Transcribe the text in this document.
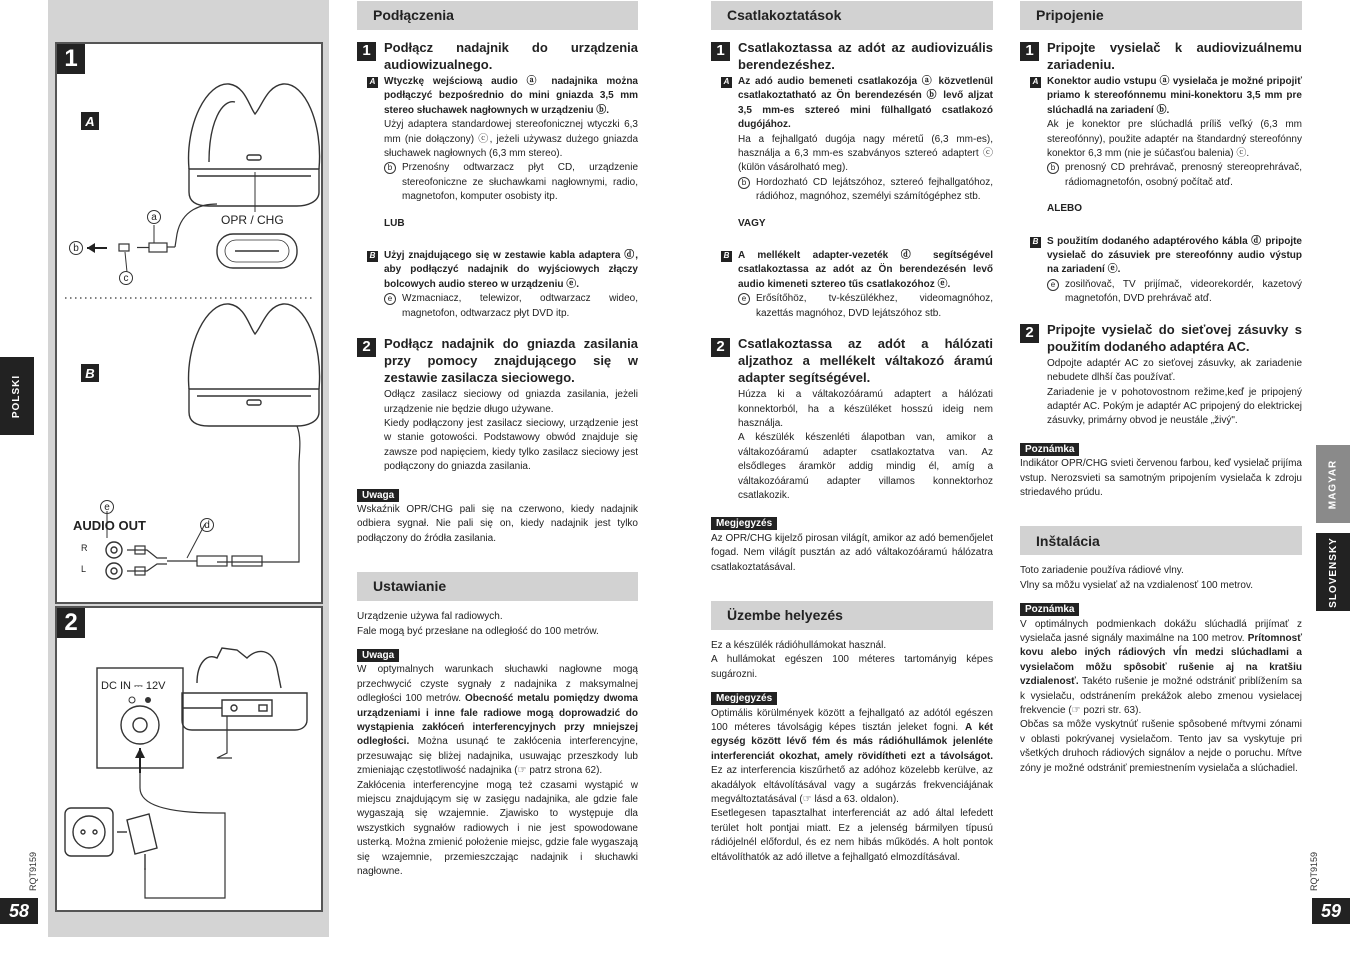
POLSKI
RQT9159
58
1
A
B
OPR / CHG
AUDIO OUT
R
L
a
b
c
d
e
2
DC IN ⎓ 12V
Podłączenia
1	Podłącz nadajnik do urządzenia audiowizualnego.
A Wtyczkę wejściową audio ⓐ nadajnika można podłączyć bezpośrednio do mini gniazda 3,5 mm stereo słuchawek nagłownych w urządzeniu ⓑ.
Użyj adaptera standardowej stereofonicznej wtyczki 6,3 mm (nie dołączony) ⓒ, jeżeli używasz dużego gniazda słuchawek nagłownych (6,3 mm stereo).
b Przenośny odtwarzacz płyt CD, urządzenie stereofoniczne ze słuchawkami nagłownymi, radio, magnetofon, komputer osobisty itp.
LUB
B Użyj znajdującego się w zestawie kabla adaptera ⓓ, aby podłączyć nadajnik do wyjściowych złączy bolcowych audio stereo w urządzeniu ⓔ.
e Wzmacniacz, telewizor, odtwarzacz wideo, magnetofon, odtwarzacz płyt DVD itp.
2	Podłącz nadajnik do gniazda zasilania przy pomocy znajdującego się w zestawie zasilacza sieciowego.
Odłącz zasilacz sieciowy od gniazda zasilania, jeżeli urządzenie nie będzie długo używane.
Kiedy podłączony jest zasilacz sieciowy, urządzenie jest w stanie gotowości. Podstawowy obwód znajduje się zawsze pod napięciem, kiedy tylko zasilacz sieciowy jest podłączony do gniazda zasilania.
Uwaga
Wskaźnik OPR/CHG pali się na czerwono, kiedy nadajnik odbiera sygnał. Nie pali się on, kiedy nadajnik jest tylko podłączony do źródła zasilania.
Ustawianie
Urządzenie używa fal radiowych.
Fale mogą być przesłane na odległość do 100 metrów.
Uwaga
W optymalnych warunkach słuchawki nagłowne mogą przechwycić czyste sygnały z nadajnika z maksymalnej odległości 100 metrów. Obecność metalu pomiędzy dwoma urządzeniami i inne fale radiowe mogą doprowadzić do wystąpienia zakłóceń interferencyjnych przy mniejszej odległości. Można usunąć te zakłócenia interferencyjne, przesuwając się bliżej nadajnika, usuwając przeszkody lub zmieniając częstotliwość nadajnika (☞ patrz strona 62).
Zakłócenia interferencyjne mogą też czasami wystąpić w miejscu znajdującym się w zasięgu nadajnika, ale gdzie fale wygaszają się wzajemnie. Zjawisko to występuje dla wszystkich sygnałów radiowych i nie jest spowodowane usterką. Można zmienić położenie miejsc, gdzie fale wygaszają się wzajemnie, przemieszczając nadajnik i słuchawki nagłowne.
Csatlakoztatások
1	Csatlakoztassa az adót az audiovizuális berendezéshez.
A Az adó audio bemeneti csatlakozója ⓐ közvetlenül csatlakoztatható az Ön berendezésén ⓑ levő aljzat 3,5 mm-es sztereó mini fülhallgató csatlakozó dugójához.
Ha a fejhallgató dugója nagy méretű (6,3 mm-es), használja a 6,3 mm-es szabványos sztereó adaptert ⓒ (külön vásárolható meg).
b Hordozható CD lejátszóhoz, sztereó fejhallgatóhoz, rádióhoz, magnóhoz, személyi számítógéphez stb.
VAGY
B A mellékelt adapter-vezeték ⓓ segítségével csatlakoztassa az adót az Ön berendezésén levő audio kimeneti sztereo tűs csatlakozóhoz ⓔ.
e Erősítőhöz, tv-készülékhez, videomagnóhoz, kazettás magnóhoz, DVD lejátszóhoz stb.
2	Csatlakoztassa az adót a hálózati aljzathoz a mellékelt váltakozó áramú adapter segítségével.
Húzza ki a váltakozóáramú adaptert a hálózati konnektorból, ha a készüléket hosszú ideig nem használja.
A készülék készenléti álapotban van, amikor a váltakozóáramú adapter csatlakoztatva van. Az elsődleges áramkör addig mindig él, amíg a váltakozóáramú adapter villamos konnektorhoz csatlakozik.
Megjegyzés
Az OPR/CHG kijelző pirosan világít, amikor az adó bemenőjelet fogad. Nem világít pusztán az adó váltakozóáramú hálózatra csatlakoztatásával.
Üzembe helyezés
Ez a készülék rádióhullámokat használ.
A hullámokat egészen 100 méteres tartományig képes sugározni.
Megjegyzés
Optimális körülmények között a fejhallgató az adótól egészen 100 méteres távolságig képes tisztán jeleket fogni. A két egység között lévő fém és más rádióhullámok jelenléte interferenciát okozhat, amely rövidítheti ezt a távolságot. Ez az interferencia kiszűrhető az adóhoz közelebb kerülve, az akadályok eltávolításával vagy a sugárzás frekvenciájának megváltoztatásával (☞ lásd a 63. oldalon).
Esetlegesen tapasztalhat interferenciát az adó által lefedett terület holt pontjai miatt. Ez a jelenség bármilyen típusú rádiójelnél előfordul, és ez nem hibás működés. A holt pontok eltávolíthatók az adó illetve a fejhallgató elmozdításával.
Pripojenie
1	Pripojte vysielač k audiovizuálnemu zariadeniu.
A Konektor audio vstupu ⓐ vysielača je možné pripojiť priamo k stereofónnemu mini-konektoru 3,5 mm pre slúchadlá na zariadení ⓑ.
Ak je konektor pre slúchadlá príliš veľký (6,3 mm stereofónny), použite adaptér na štandardný stereofónny konektor 6,3 mm (nie je súčasťou balenia) ⓒ.
b prenosný CD prehrávač, prenosný stereoprehrávač, rádiomagnetofón, osobný počítač atď.
ALEBO
B S použitím dodaného adaptérového kábla ⓓ pripojte vysielač do zásuviek pre stereofónny audio výstup na zariadení ⓔ.
e zosilňovač, TV prijímač, videorekordér, kazetový magnetofón, DVD prehrávač atď.
2	Pripojte vysielač do sieťovej zásuvky s použitím dodaného adaptéra AC.
Odpojte adaptér AC zo sieťovej zásuvky, ak zariadenie nebudete dlhší čas používať.
Zariadenie je v pohotovostnom režime,keď je pripojený adaptér AC. Pokým je adaptér AC pripojený do elektrickej zásuvky, primárny obvod je neustále „živý".
Poznámka
Indikátor OPR/CHG svieti červenou farbou, keď vysielač prijíma vstup. Nerozsvieti sa samotným pripojením vysielača k zdroju striedavého prúdu.
Inštalácia
Toto zariadenie používa rádiové vlny.
Vlny sa môžu vysielať až na vzdialenosť 100 metrov.
Poznámka
V optimálnych podmienkach dokážu slúchadlá prijímať z vysielača jasné signály maximálne na 100 metrov. Prítomnosť kovu alebo iných rádiových vĺn medzi slúchadlami a vysielačom môžu spôsobiť rušenie aj na kratšiu vzdialenosť. Takéto rušenie je možné odstrániť priblížením sa k vysielaču, odstránením prekážok alebo zmenou vysielacej frekvencie (☞ pozri str. 63).
Občas sa môže vyskytnúť rušenie spôsobené mŕtvymi zónami v oblasti pokrývanej vysielačom. Tento jav sa vyskytuje pri všetkých druhoch rádiových signálov a nejde o poruchu. Mŕtve zóny je možné odstrániť premiestnením vysielača a slúchadiel.
MAGYAR
SLOVENSKY
RQT9159
59
